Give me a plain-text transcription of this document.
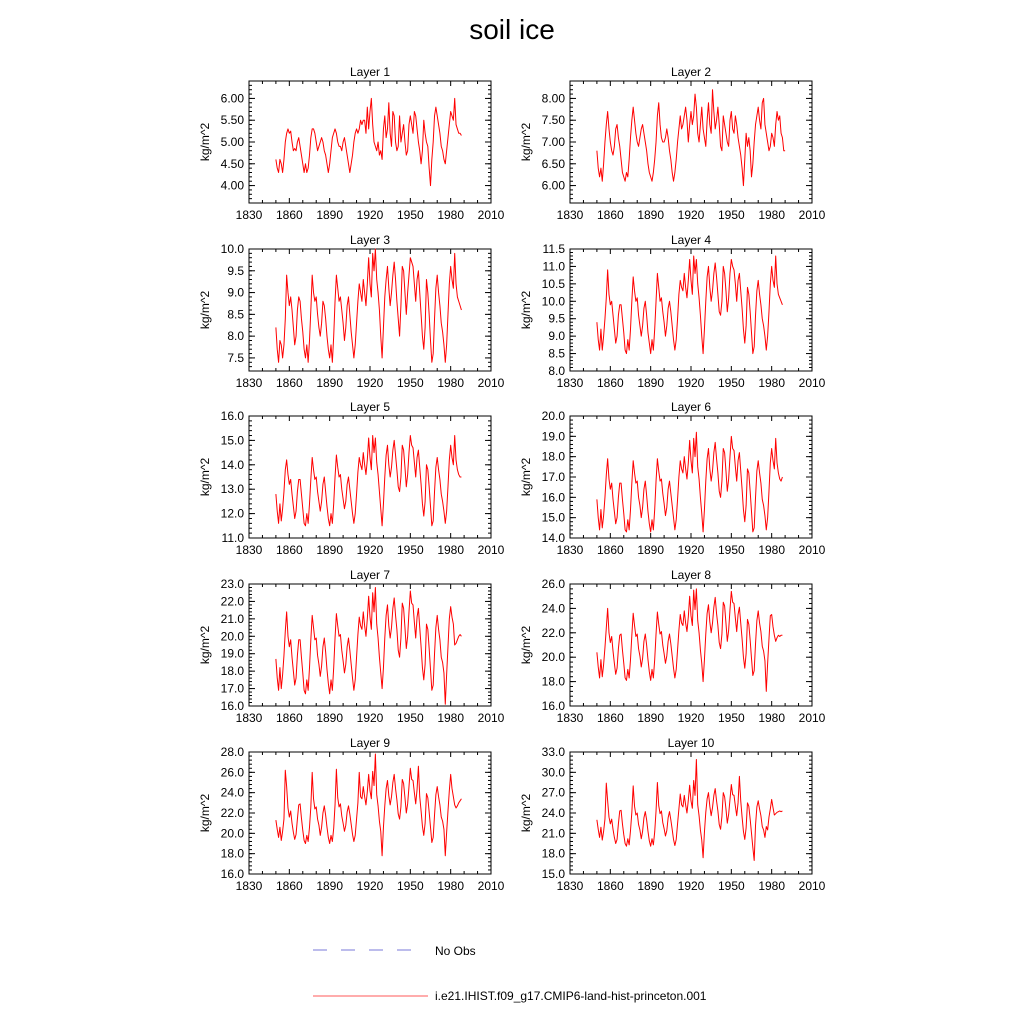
soil ice
Layer 1
kg/m^2
1830 1860 1890 1920 1950 1980 2010
4.00
4.50
5.00
5.50
6.00
Layer 2
kg/m^2
1830 1860 1890 1920 1950 1980 2010
6.00
6.50
7.00
7.50
8.00
Layer 3
kg/m^2
1830 1860 1890 1920 1950 1980 2010
7.5
8.0
8.5
9.0
9.5
10.0
Layer 4
kg/m^2
1830 1860 1890 1920 1950 1980 2010
8.0
8.5
9.0
9.5
10.0
10.5
11.0
11.5
Layer 5
kg/m^2
1830 1860 1890 1920 1950 1980 2010
11.0
12.0
13.0
14.0
15.0
16.0
Layer 6
kg/m^2
1830 1860 1890 1920 1950 1980 2010
14.0
15.0
16.0
17.0
18.0
19.0
20.0
Layer 7
kg/m^2
1830 1860 1890 1920 1950 1980 2010
16.0
17.0
18.0
19.0
20.0
21.0
22.0
23.0
Layer 8
kg/m^2
1830 1860 1890 1920 1950 1980 2010
16.0
18.0
20.0
22.0
24.0
26.0
Layer 9
kg/m^2
1830 1860 1890 1920 1950 1980 2010
16.0
18.0
20.0
22.0
24.0
26.0
28.0
Layer 10
kg/m^2
1830 1860 1890 1920 1950 1980 2010
15.0
18.0
21.0
24.0
27.0
30.0
33.0
No Obs
i.e21.IHIST.f09_g17.CMIP6-land-hist-princeton.001
